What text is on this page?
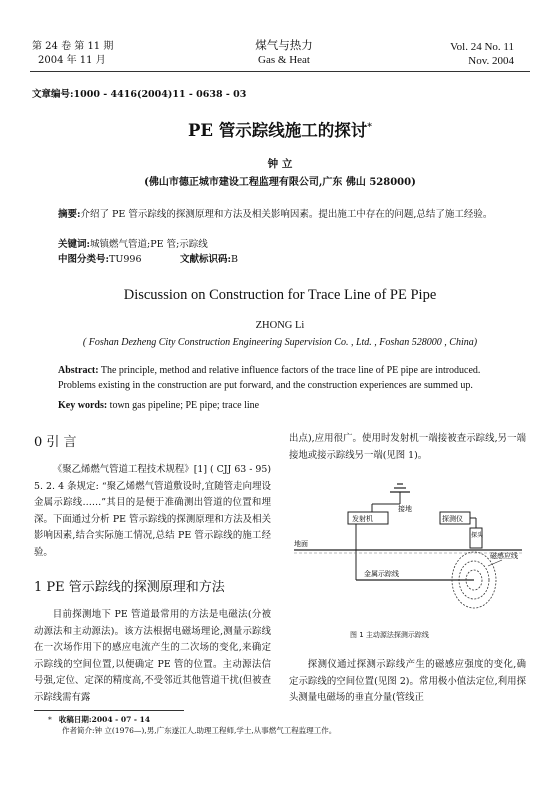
第 24 卷 第 11 期
2004 年 11 月
煤气与热力
Gas & Heat
Vol. 24 No. 11
Nov. 2004
文章编号:1000 - 4416(2004)11 - 0638 - 03
PE 管示踪线施工的探讨*
钟 立
(佛山市德正城市建设工程监理有限公司,广东 佛山 528000)
摘要:介绍了 PE 管示踪线的探测原理和方法及相关影响因素。提出施工中存在的问题,总结了施工经验。
关键词:城镇燃气管道;PE 管;示踪线
中图分类号:TU996	文献标识码:B
Discussion on Construction for Trace Line of PE Pipe
ZHONG Li
( Foshan Dezheng City Construction Engineering Supervision Co. , Ltd. , Foshan 528000 , China)
Abstract: The principle, method and relative influence factors of the trace line of PE pipe are introduced. Problems existing in the construction are put forward, and the construction experiences are summed up.
Key words: town gas pipeline; PE pipe; trace line
0 引 言
《聚乙烯燃气管道工程技术规程》[1] ( CJJ 63 - 95) 5. 2. 4 条规定: “聚乙烯燃气管道敷设时,宜随管走向埋设金属示踪线……”其目的是便于准确测出管道的位置和埋深。下面通过分析 PE 管示踪线的探测原理和方法及相关影响因素,结合实际施工情况,总结 PE 管示踪线的施工经验。
1 PE 管示踪线的探测原理和方法
目前探测地下 PE 管道最常用的方法是电磁法(分被动源法和主动源法)。该方法根据电磁场理论,测量示踪线在一次场作用下的感应电流产生的二次场的变化,来确定示踪线的空间位置,以便确定 PE 管的位置。主动源法信号强,定位、定深的精度高,不受邻近其他管道干扰(但被查示踪线需有露
出点),应用很广。使用时发射机一端接被查示踪线,另一端接地或接示踪线另一端(见图 1)。
接地
发射机	探测仪
探头
地面
金属示踪线
磁感应线
图 1 主动源法探测示踪线
探测仪通过探测示踪线产生的磁感应强度的变化,确定示踪线的空间位置(见图 2)。常用极小值法定位,利用探头测量电磁场的垂直分量(管线正
* 收稿日期:2004 - 07 - 14
作者简介:钟 立(1976—),男,广东遂江人,助理工程师,学士,从事燃气工程监理工作。
